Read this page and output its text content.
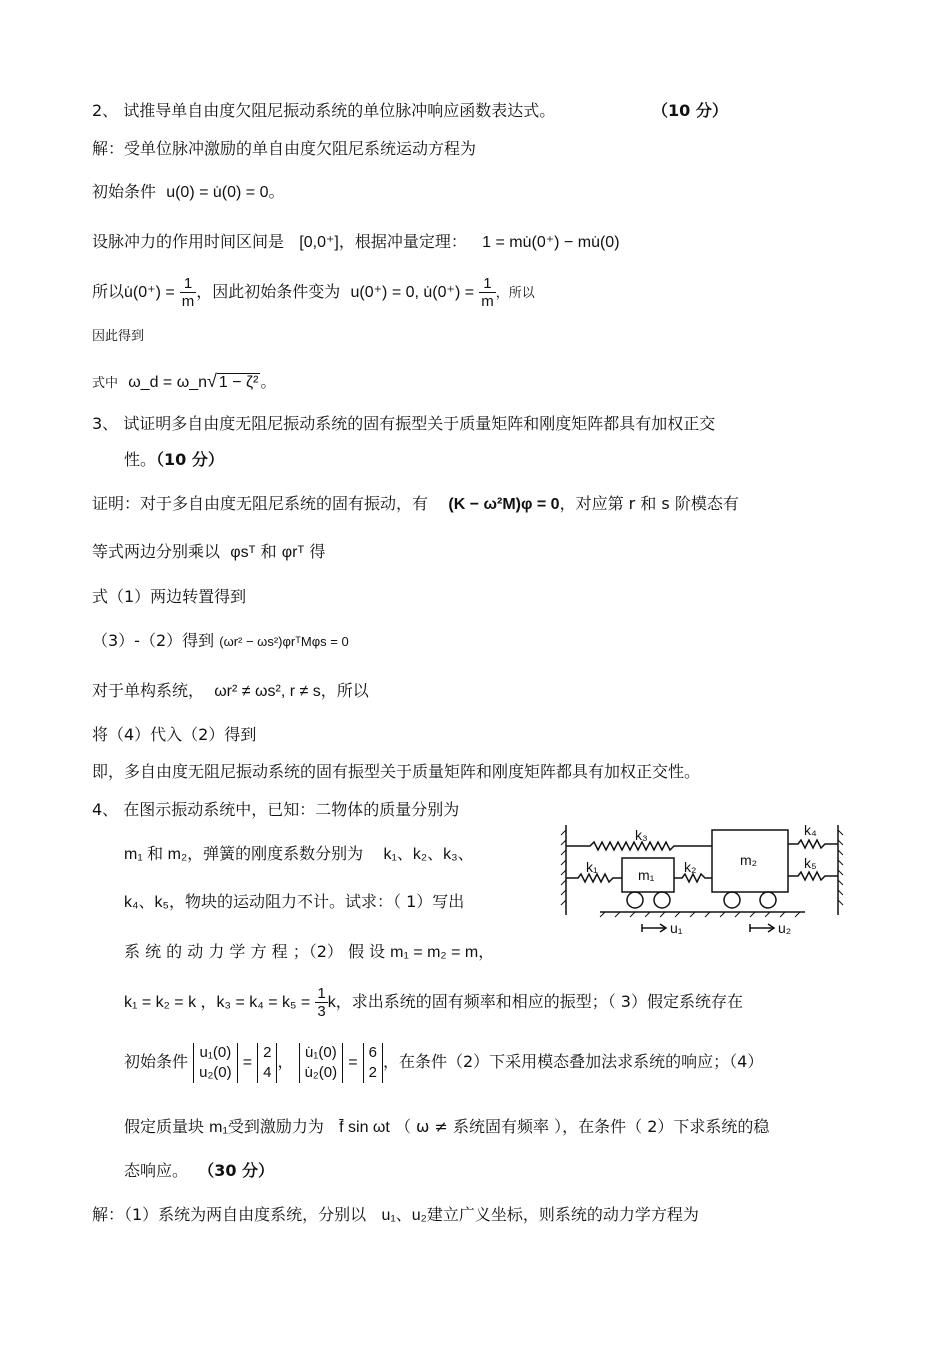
2、 试推导单自由度欠阻尼振动系统的单位脉冲响应函数表达式。	（10 分）
解：受单位脉冲激励的单自由度欠阻尼系统运动方程为
初始条件 u(0) = u̇(0) = 0。
设脉冲力的作用时间区间是 [0,0⁺]，根据冲量定理： 1 = mu̇(0⁺) − mu̇(0)
所以u̇(0⁺) = $\frac{1}{m}$ ，因此初始条件变为 u(0⁺) = 0, u̇(0⁺) = $\frac{1}{m}$ ，所以
因此得到
式中 ω_d = ω_n√ 1 − ζ² 。
3、 试证明多自由度无阻尼振动系统的固有振型关于质量矩阵和刚度矩阵都具有加权正交
性。（10 分）
证明：对于多自由度无阻尼系统的固有振动，有 (K − ω²M)φ = 0，对应第 r 和 s 阶模态有
等式两边分别乘以 φsᵀ 和 φrᵀ 得
式（1）两边转置得到
（3）-（2）得到 (ωr² − ωs²)φrᵀMφs = 0
对于单构系统， ωr² ≠ ωs², r ≠ s，所以
将（4）代入（2）得到
即，多自由度无阻尼振动系统的固有振型关于质量矩阵和刚度矩阵都具有加权正交性。
4、 在图示振动系统中，已知：二物体的质量分别为
m₁ 和 m₂，弹簧的刚度系数分别为 k₁、k₂、k₃、
k₄、k₅，物块的运动阻力不计。试求：（ 1）写出
系 统 的 动 力 学 方 程 ；（2） 假 设 m₁ = m₂ = m，
k₁ = k₂ = k ，$k_3 = k_4 = k_5 = \frac{1}{3}$ k，求出系统的固有频率和相应的振型；（ 3）假定系统存在
初始条件 u₁(0)
u₂(0)
=
2
4
， u̇₁(0)
u̇₂(0)
=
6
2
，在条件（2）下采用模态叠加法求系统的响应；（4）
假定质量块 m₁受到激励力为 f̄ sin ωt （ ω ≠ 系统固有频率 ），在条件（ 2）下求系统的稳
态响应。 （30 分）
解：（1）系统为两自由度系统，分别以 u₁、u₂建立广义坐标，则系统的动力学方程为
k₃
k₁	k₂
k₄
k₅
m₁
m₂
u₁	u₂
